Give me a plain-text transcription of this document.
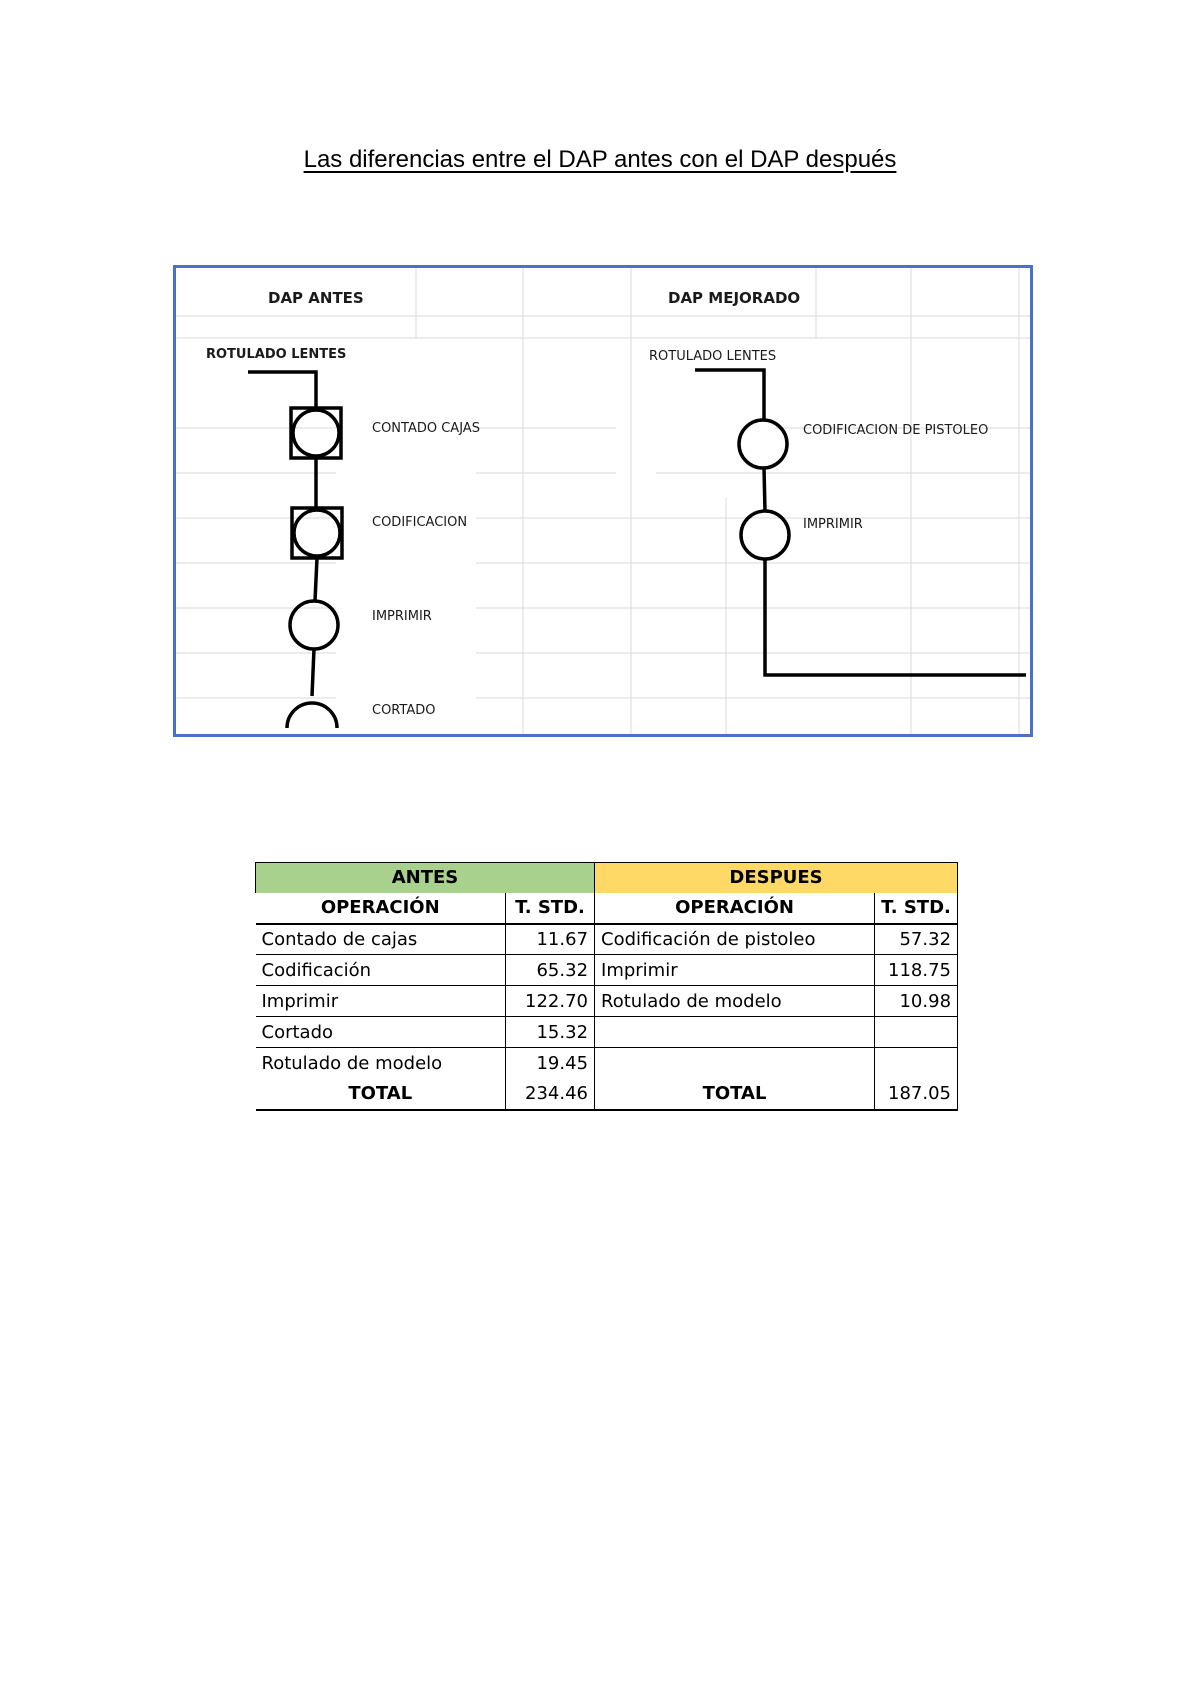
Las diferencias entre el DAP antes con el DAP después
DAP ANTES
ROTULADO LENTES
CONTADO CAJAS
CODIFICACION
IMPRIMIR
CORTADO
DAP MEJORADO
ROTULADO LENTES
CODIFICACION DE PISTOLEO
IMPRIMIR
ANTES		DESPUES	
OPERACIÓN	T. STD.	OPERACIÓN	T. STD.
Contado de cajas	11.67	Codificación de pistoleo	57.32
Codificación	65.32	Imprimir	118.75
Imprimir	122.70	Rotulado de modelo	10.98
Cortado	15.32		
Rotulado de modelo	19.45		
TOTAL	234.46	TOTAL	187.05
